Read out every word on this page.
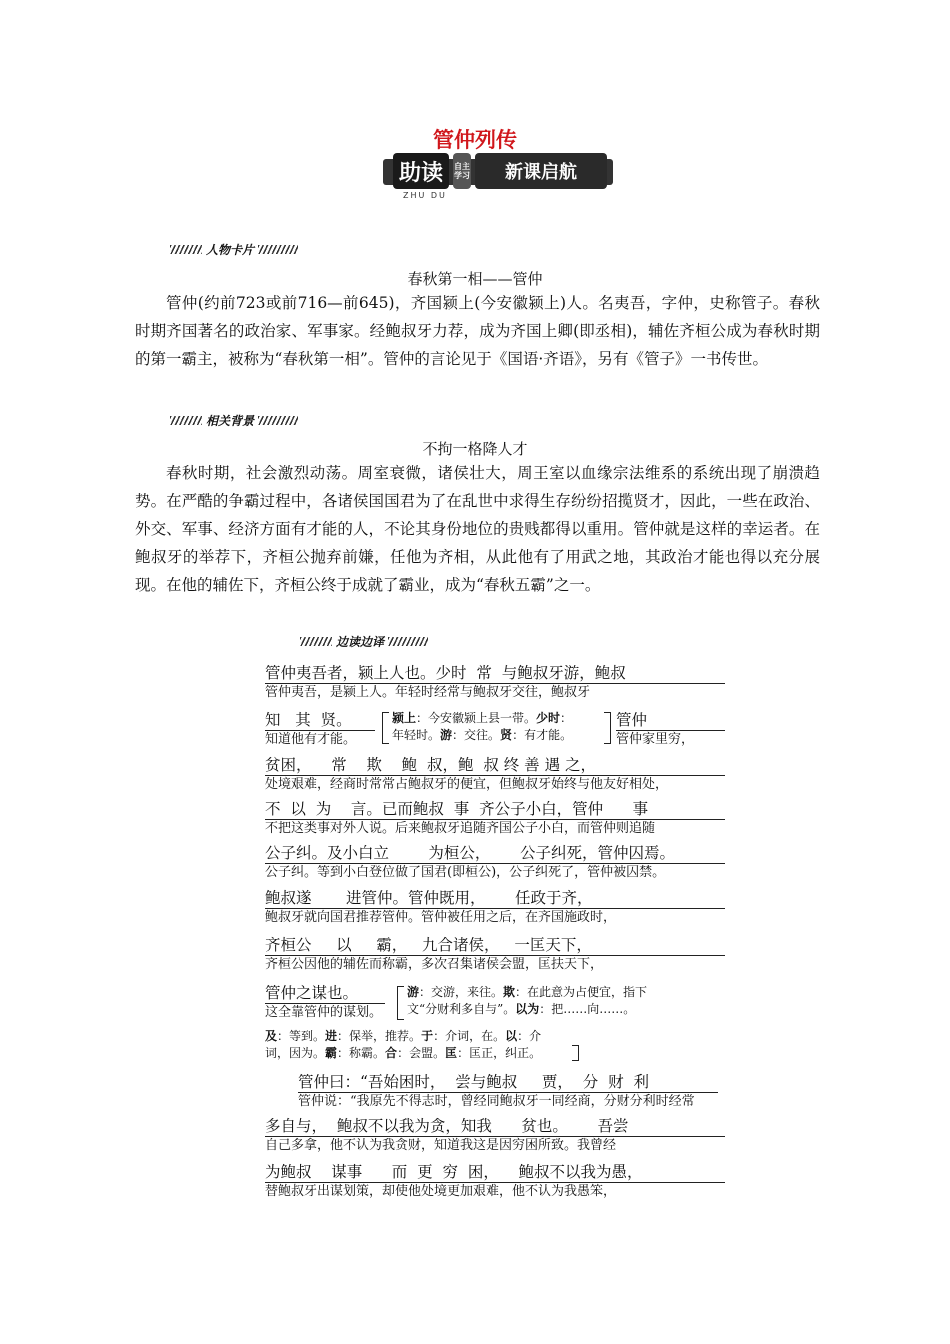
管仲列传
助读	自主
学习	新课启航
ZHU DU
人物卡片
春秋第一相——管仲

管仲(约前723或前716—前645)，齐国颍上(今安徽颍上)人。名夷吾，字仲，史称管子。春秋时期齐国著名的政治家、军事家。经鲍叔牙力荐，成为齐国上卿(即丞相)，辅佐齐桓公成为春秋时期的第一霸主，被称为“春秋第一相”。管仲的言论见于《国语·齐语》，另有《管子》一书传世。

相关背景
不拘一格降人才

春秋时期，社会激烈动荡。周室衰微，诸侯壮大，周王室以血缘宗法维系的系统出现了崩溃趋势。在严酷的争霸过程中，各诸侯国国君为了在乱世中求得生存纷纷招揽贤才，因此，一些在政治、外交、军事、经济方面有才能的人，不论其身份地位的贵贱都得以重用。管仲就是这样的幸运者。在鲍叔牙的举荐下，齐桓公抛弃前嫌，任他为齐相，从此他有了用武之地，其政治才能也得以充分展现。在他的辅佐下，齐桓公终于成就了霸业，成为“春秋五霸”之一。

边读边译
管仲夷吾者，颍上人也。少时  常  与鲍叔牙游，鲍叔
管仲夷吾，是颍上人。年轻时经常与鲍叔牙交往，鲍叔牙
知   其  贤。
知道他有才能。
颍上：今安徽颍上县一带。少时：
年轻时。游：交往。贤：有才能。
管仲
管仲家里穷，
贫困，    常    欺    鲍  叔，鲍  叔 终 善 遇 之，
处境艰难，经商时常常占鲍叔牙的便宜，但鲍叔牙始终与他友好相处，
不  以  为    言。已而鲍叔  事  齐公子小白，管仲      事
不把这类事对外人说。后来鲍叔牙追随齐国公子小白，而管仲则追随
公子纠。及小白立        为桓公，      公子纠死，管仲囚焉。
公子纠。等到小白登位做了国君(即桓公)，公子纠死了，管仲被囚禁。
鲍叔遂       进管仲。管仲既用，      任政于齐，
鲍叔牙就向国君推荐管仲。管仲被任用之后，在齐国施政时，
齐桓公     以     霸，   九合诸侯，   一匡天下，
齐桓公因他的辅佐而称霸，多次召集诸侯会盟，匡扶天下，
管仲之谋也。
这全靠管仲的谋划。
游：交游，来往。欺：在此意为占便宜，指下
文“分财利多自与”。以为：把……向……。
及：等到。进：保举，推荐。于：介词，在。以：介
词，因为。霸：称霸。合：会盟。匡：匡正，纠正。
管仲曰：“吾始困时，  尝与鲍叔     贾，  分  财  利
管仲说：“我原先不得志时，曾经同鲍叔牙一同经商，分财分利时经常
多自与，  鲍叔不以我为贪，知我      贫也。      吾尝
自己多拿，他不认为我贪财，知道我这是因穷困所致。我曾经
为鲍叔    谋事      而  更  穷  困，    鲍叔不以我为愚，
替鲍叔牙出谋划策，却使他处境更加艰难，他不认为我愚笨，
